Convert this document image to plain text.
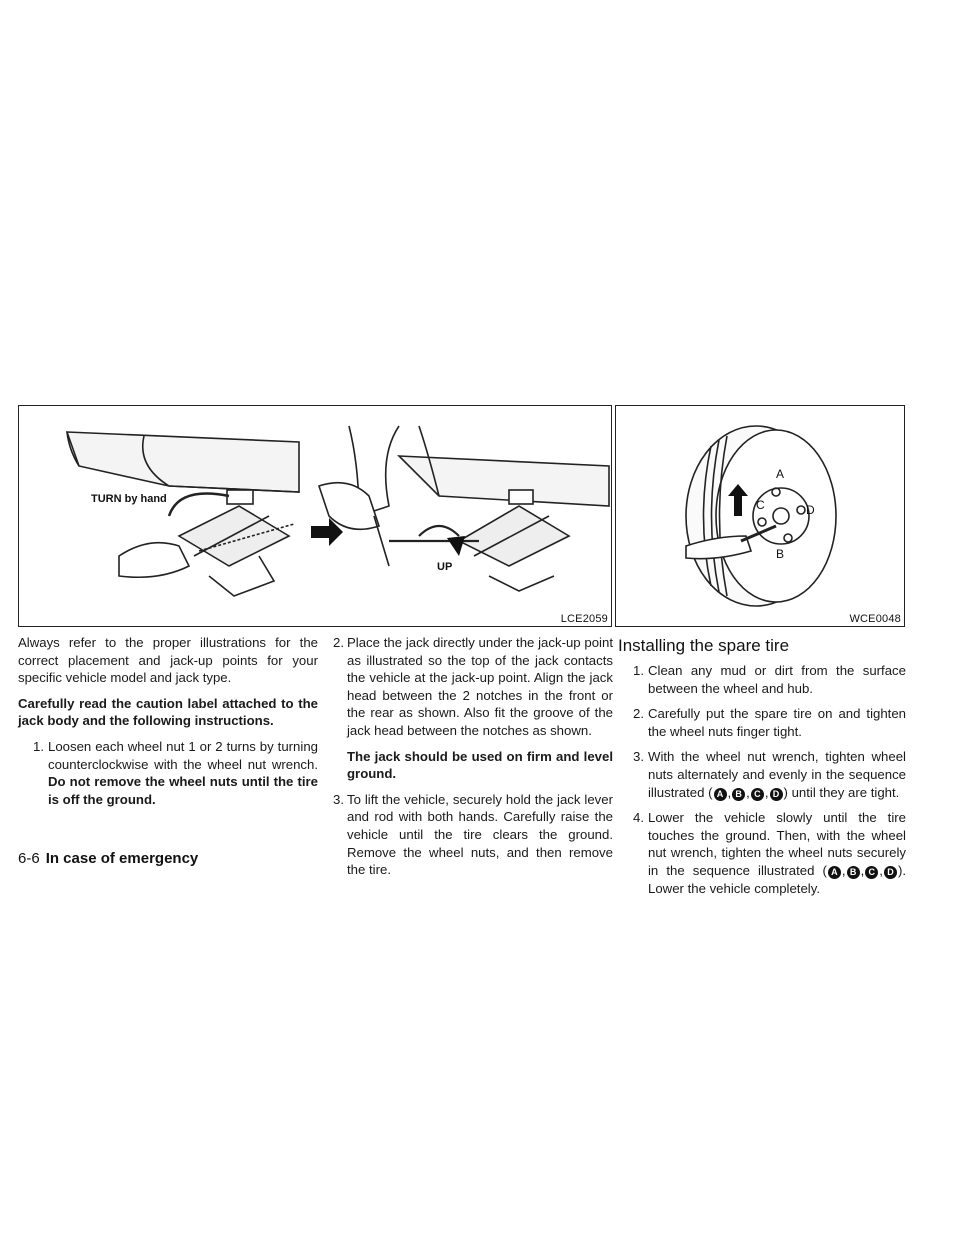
TURN by hand
UP
LCE2059
A
B
C	D
WCE0048

Always refer to the proper illustrations for the correct placement and jack-up points for your specific vehicle model and jack type.

Carefully read the caution label attached to the jack body and the following instructions.

1. Loosen each wheel nut 1 or 2 turns by turning counterclockwise with the wheel nut wrench. Do not remove the wheel nuts until the tire is off the ground.
2. Place the jack directly under the jack-up point as illustrated so the top of the jack contacts the vehicle at the jack-up point. Align the jack head between the 2 notches in the front or the rear as shown. Also fit the groove of the jack head between the notches as shown.
The jack should be used on firm and level ground.
3. To lift the vehicle, securely hold the jack lever and rod with both hands. Carefully raise the vehicle until the tire clears the ground. Remove the wheel nuts, and then remove the tire.
Installing the spare tire
1. Clean any mud or dirt from the surface between the wheel and hub.
2. Carefully put the spare tire on and tighten the wheel nuts finger tight.
3. With the wheel nut wrench, tighten wheel nuts alternately and evenly in the sequence illustrated ( A , B , C , D ) until they are tight.
4. Lower the vehicle slowly until the tire touches the ground. Then, with the wheel nut wrench, tighten the wheel nuts securely in the sequence illustrated ( A , B , C , D ). Lower the vehicle completely.
6-6 In case of emergency
